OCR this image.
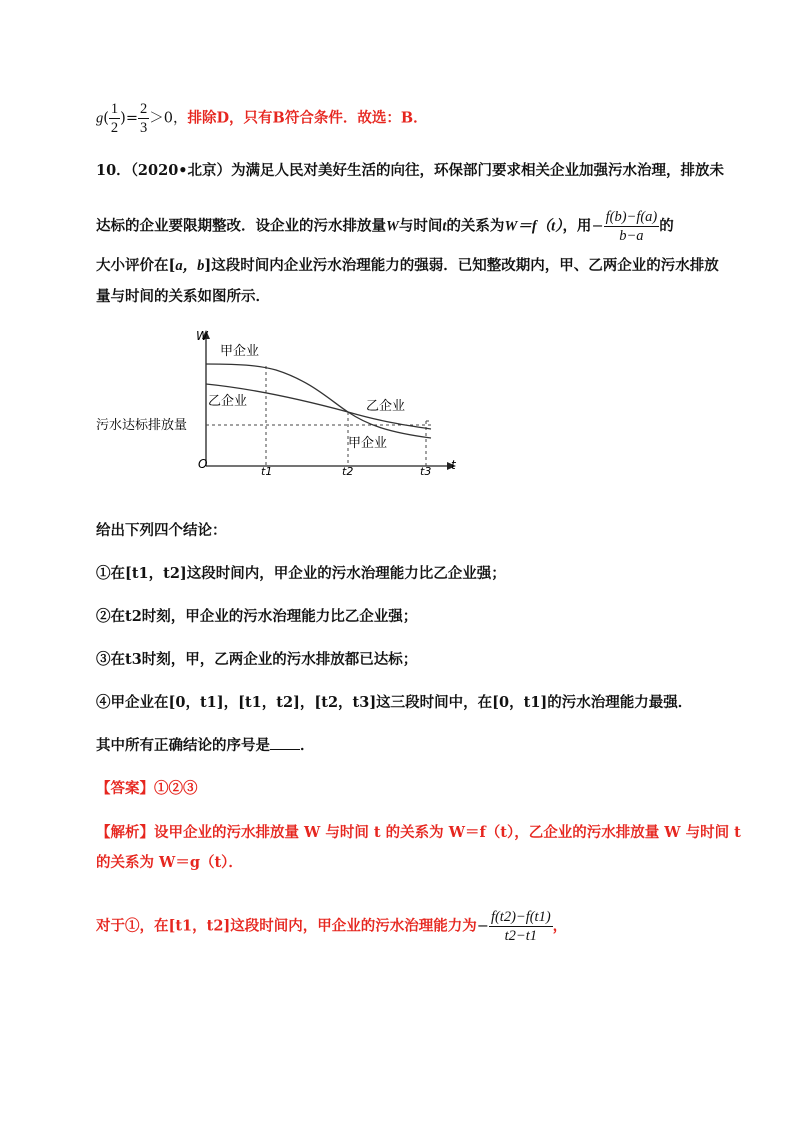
$g( \frac{1}{2}$ )= $\frac{2}{3} >0$，排除D，只有B符合条件．故选：B．
10．（2020•北京）为满足人民对美好生活的向往，环保部门要求相关企业加强污水治理，排放未
达标的企业要限期整改．设企业的污水排放量W与时间t的关系为W＝f（t），用− $\frac{f(b)-f(a)}{b-a}$ 的
大小评价在[a，b]这段时间内企业污水治理能力的强弱．已知整改期内，甲、乙两企业的污水排放
量与时间的关系如图所示．
W
t
O
甲企业
乙企业	乙企业
甲企业
污水达标排放量
t1	t2	t3
给出下列四个结论：
①在[t1，t2]这段时间内，甲企业的污水治理能力比乙企业强；
②在t2时刻，甲企业的污水治理能力比乙企业强；
③在t3时刻，甲，乙两企业的污水排放都已达标；
④甲企业在[0，t1]，[t1，t2]，[t2，t3]这三段时间中，在[0，t1]的污水治理能力最强．
其中所有正确结论的序号是 ．
【答案】①②③
【解析】设甲企业的污水排放量 W 与时间 t 的关系为 W＝f（t），乙企业的污水排放量 W 与时间 t
的关系为 W＝g（t）．
对于①，在[t1，t2]这段时间内，甲企业的污水治理能力为− $\frac{f(t2)-f(t1)}{t2-t1}$ ，
